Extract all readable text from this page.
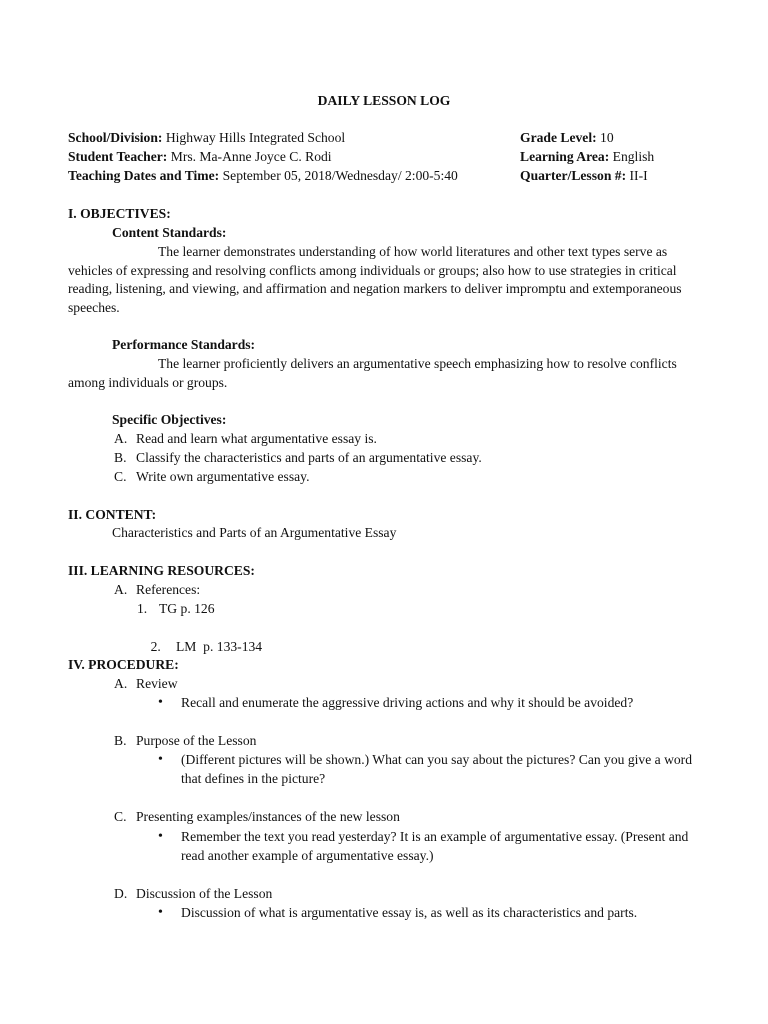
DAILY LESSON LOG
School/Division: Highway Hills Integrated School
Student Teacher: Mrs. Ma-Anne Joyce C. Rodi
Teaching Dates and Time: September 05, 2018/Wednesday/ 2:00-5:40
Grade Level: 10
Learning Area: English
Quarter/Lesson #: II-I
I. OBJECTIVES:
Content Standards:
The learner demonstrates understanding of how world literatures and other text types serve as vehicles of expressing and resolving conflicts among individuals or groups; also how to use strategies in critical reading, listening, and viewing, and affirmation and negation markers to deliver impromptu and extemporaneous speeches.
Performance Standards:
The learner proficiently delivers an argumentative speech emphasizing how to resolve conflicts among individuals or groups.
Specific Objectives:
A. Read and learn what argumentative essay is.
B. Classify the characteristics and parts of an argumentative essay.
C. Write own argumentative essay.
II. CONTENT:
Characteristics and Parts of an Argumentative Essay
III. LEARNING RESOURCES:
A. References:
1. TG p. 126

2. LM  p. 133-134

IV. PROCEDURE:
A. Review
• Recall and enumerate the aggressive driving actions and why it should be avoided?
B. Purpose of the Lesson
• (Different pictures will be shown.) What can you say about the pictures? Can you give a word that defines in the picture?
C. Presenting examples/instances of the new lesson
• Remember the text you read yesterday? It is an example of argumentative essay. (Present and read another example of argumentative essay.)
D. Discussion of the Lesson
• Discussion of what is argumentative essay is, as well as its characteristics and parts.
